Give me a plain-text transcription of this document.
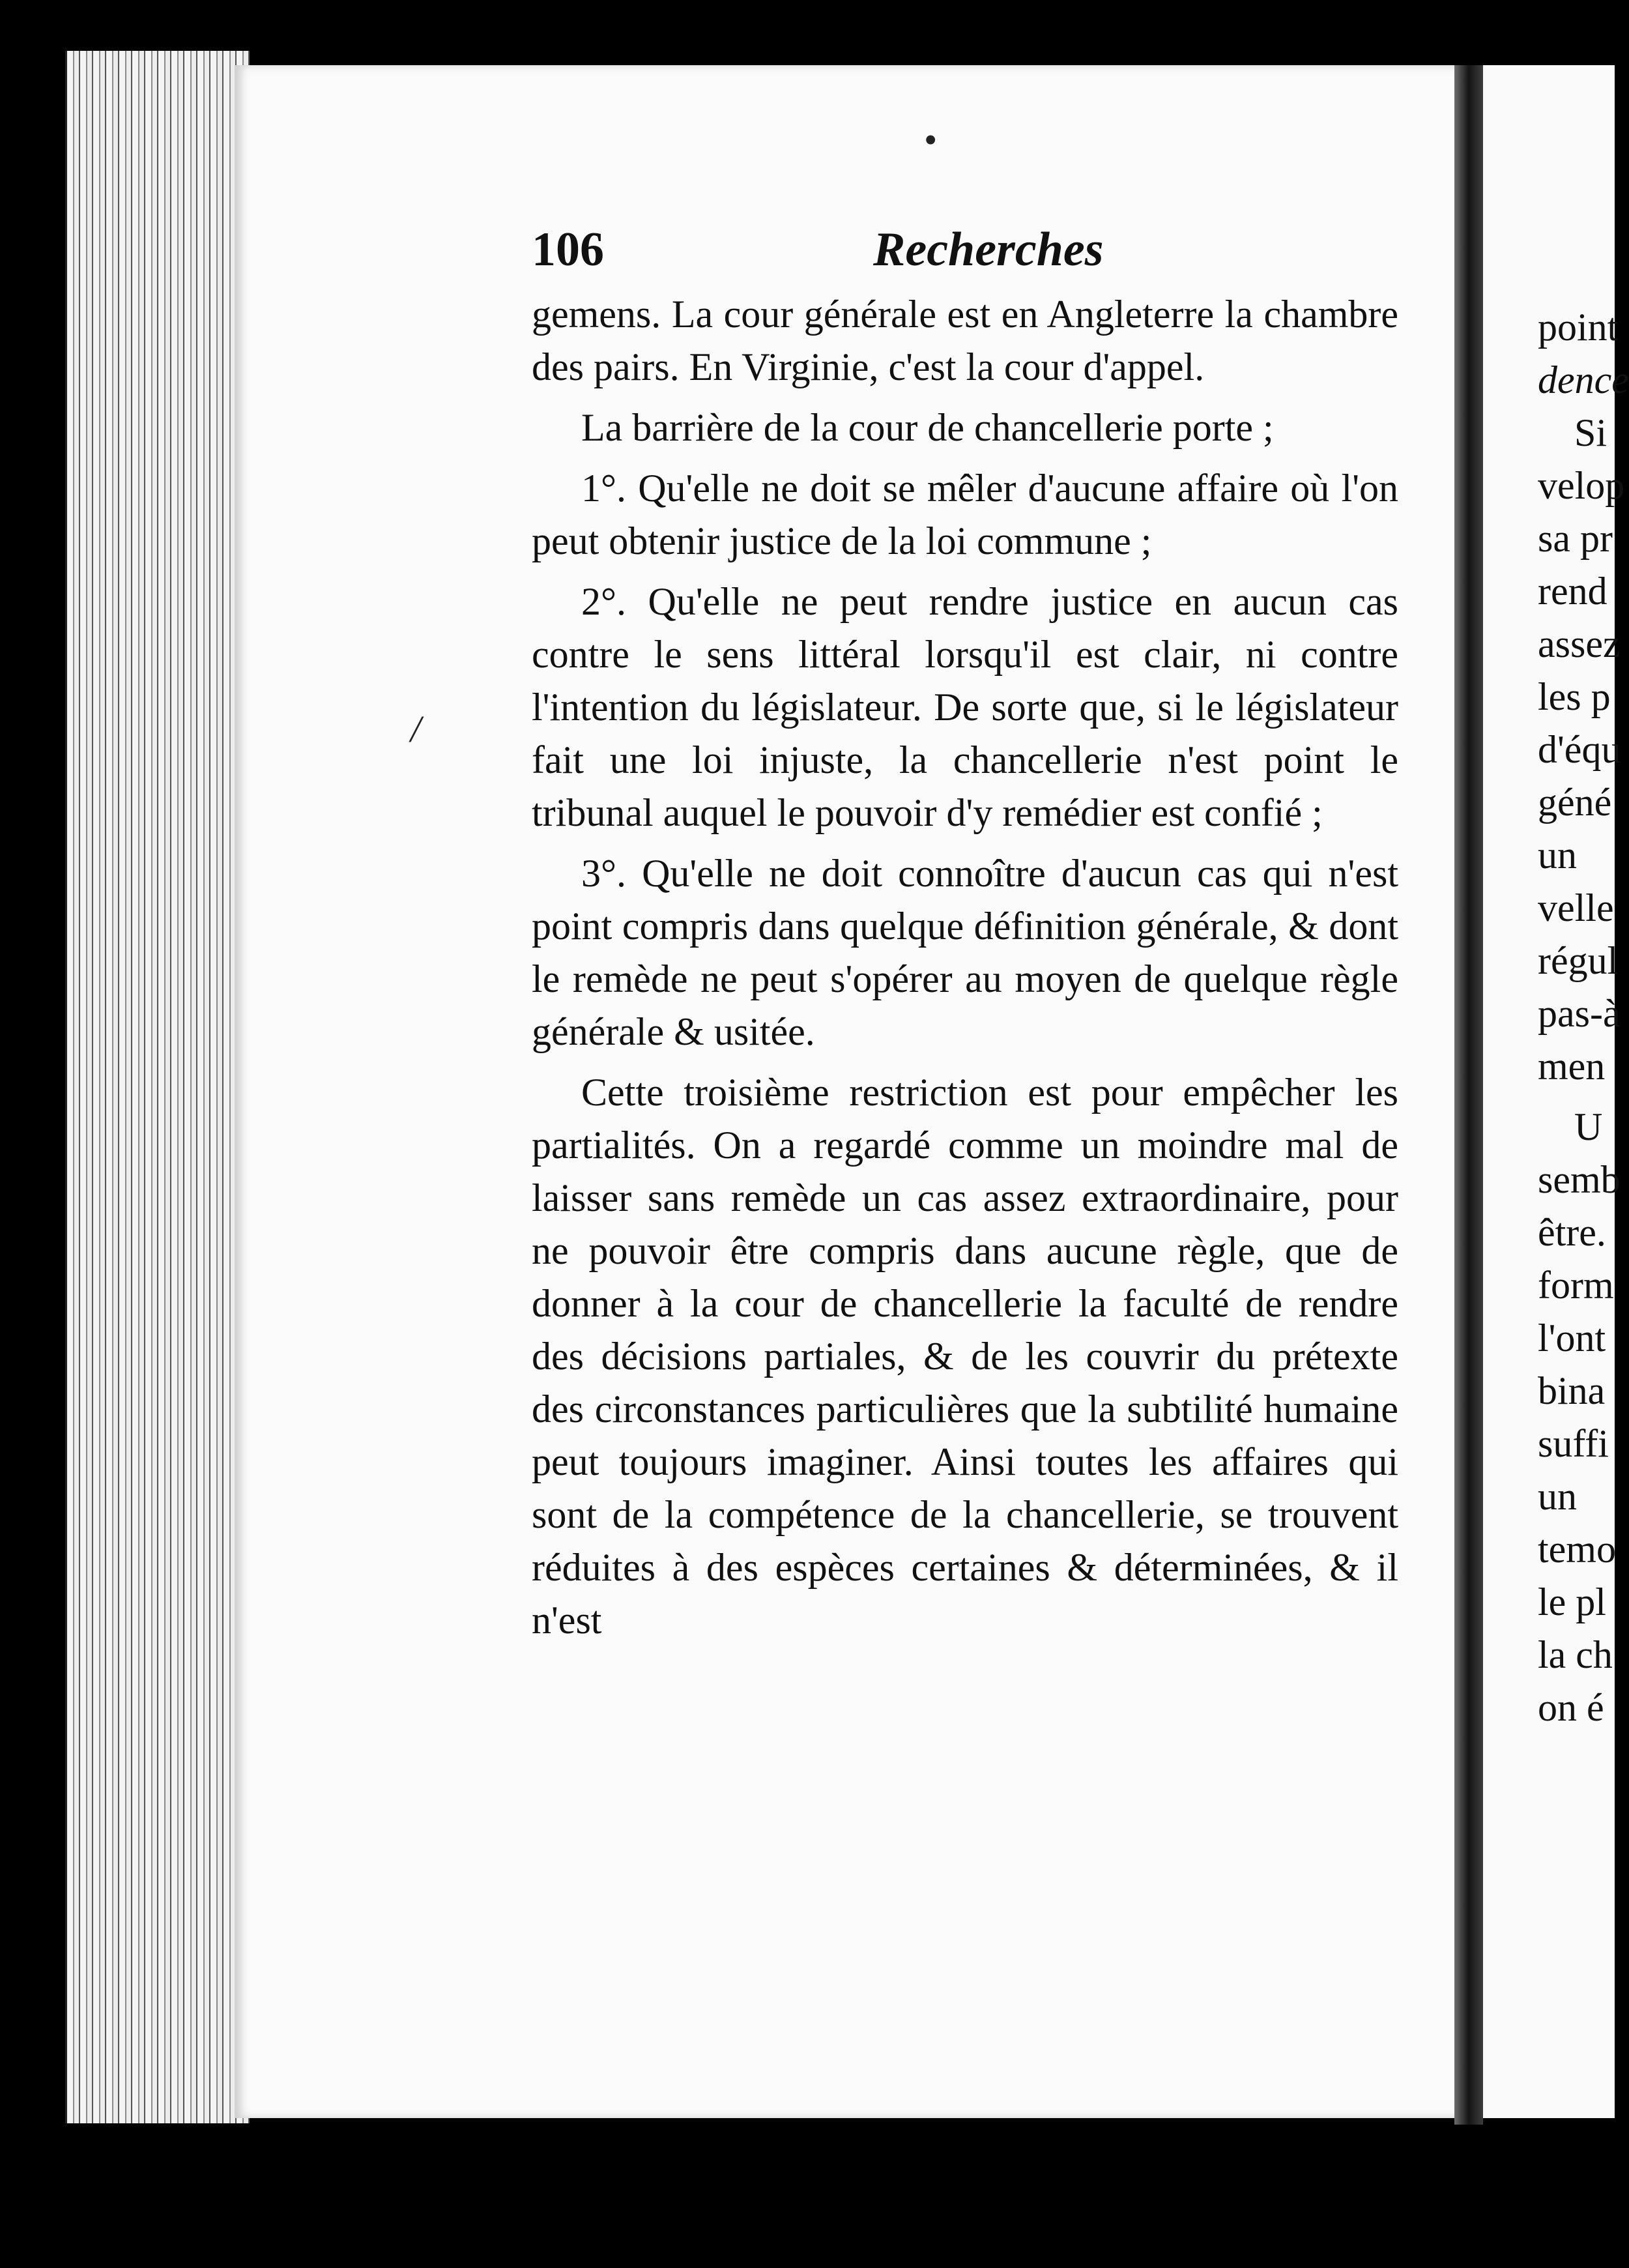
•
/
106	Recherches

gemens. La cour générale est en Angleterre la chambre des pairs. En Virginie, c'est la cour d'appel.

La barrière de la cour de chancellerie porte ;

1°. Qu'elle ne doit se mêler d'aucune affaire où l'on peut obtenir justice de la loi commune ;

2°. Qu'elle ne peut rendre justice en aucun cas contre le sens littéral lorsqu'il est clair, ni contre l'intention du législateur. De sorte que, si le législateur fait une loi injuste, la chancellerie n'est point le tribunal auquel le pouvoir d'y remédier est confié ;

3°. Qu'elle ne doit connoître d'aucun cas qui n'est point compris dans quelque définition générale, & dont le remède ne peut s'opérer au moyen de quelque règle générale & usitée.

Cette troisième restriction est pour empêcher les partialités. On a regardé comme un moindre mal de laisser sans remède un cas assez extraordinaire, pour ne pouvoir être compris dans aucune règle, que de donner à la cour de chancellerie la faculté de rendre des décisions partiales, & de les couvrir du prétexte des circonstances particulières que la subtilité humaine peut toujours imaginer. Ainsi toutes les affaires qui sont de la compétence de la chancellerie, se trouvent réduites à des espèces certaines & déterminées, & il n'est

point
dence
Si
velop
sa pr
rend
assez
les p
d'équ
géné
un
velle
régul
pas-à
men
U
semb
être.
form
l'ont
bina
suffi
un
temo
le pl
la ch
on é
